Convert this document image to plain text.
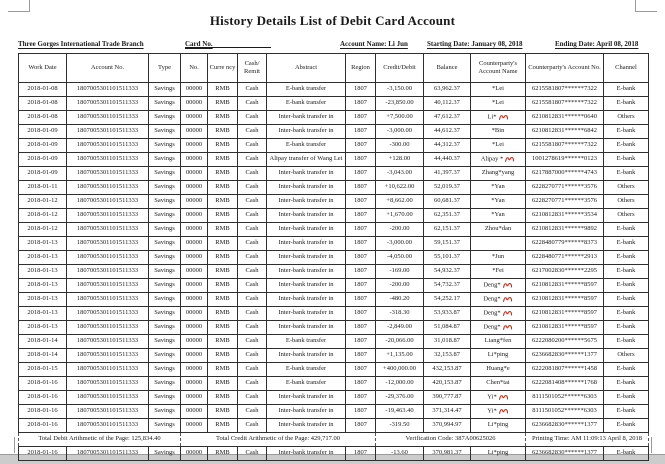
History Details List of Debit Card Account
Three Gorges International Trade Branch	Card No.	Account Name: Li Jun	Starting Date: January 08, 2018	Ending Date: April 08, 2018
Work Date	Account No.	Type	No.	Curre ncy	Cash/ Remit	Abstract	Region	Credit/Debit	Balance	Counterparty's Account Name	Counterparty's Account No.	Channel
2018-01-08	1807005301101511333	Savings	00000	RMB	Cash	E-bank transfer	1807	-3,150.00	63,962.37	*Lei	6215581807******7322	E-bank
2018-01-08	1807005301101511333	Savings	00000	RMB	Cash	E-bank transfer	1807	-23,850.00	40,112.37	*Lei	6215581807******7322	E-bank
2018-01-08	1807005301101511333	Savings	00000	RMB	Cash	Inter-bank transfer in	1807	+7,500.00	47,612.37	Li*	6210812831******0640	Others
2018-01-09	1807005301101511333	Savings	00000	RMB	Cash	Inter-bank transfer in	1807	-3,000.00	44,612.37	*Bin	6210812831******6842	E-bank
2018-01-09	1807005301101511333	Savings	00000	RMB	Cash	E-bank transfer	1807	-300.00	44,312.37	*Lei	6215581807******7322	E-bank
2018-01-09	1807005301101511333	Savings	00000	RMB	Cash	Alipay transfer of Wang Lei	1807	+128.00	44,440.37	Alipay *	1001278619******0123	E-bank
2018-01-09	1807005301101511333	Savings	00000	RMB	Cash	Inter-bank transfer in	1807	-3,043.00	41,397.37	Zhang*yang	6217887000******4743	E-bank
2018-01-11	1807005301101511333	Savings	00000	RMB	Cash	Inter-bank transfer in	1807	+10,622.00	52,019.37	*Yan	6228270771******3576	Others
2018-01-12	1807005301101511333	Savings	00000	RMB	Cash	Inter-bank transfer in	1807	+8,662.00	60,681.37	*Yan	6228270771******3576	Others
2018-01-12	1807005301101511333	Savings	00000	RMB	Cash	Inter-bank transfer in	1807	+1,670.00	62,351.37	*Yan	6210812831******3534	Others
2018-01-12	1807005301101511333	Savings	00000	RMB	Cash	Inter-bank transfer in	1807	-200.00	62,151.37	Zhou*dan	6210812831******9892	E-bank
2018-01-13	1807005301101511333	Savings	00000	RMB	Cash	Inter-bank transfer in	1807	-3,000.00	59,151.37		6228480779******8373	E-bank
2018-01-13	1807005301101511333	Savings	00000	RMB	Cash	Inter-bank transfer in	1807	-4,050.00	55,101.37	*Jun	6228480771******2913	E-bank
2018-01-13	1807005301101511333	Savings	00000	RMB	Cash	Inter-bank transfer in	1807	-169.00	54,932.37	*Fei	6217002830******2295	E-bank
2018-01-13	1807005301101511333	Savings	00000	RMB	Cash	Inter-bank transfer in	1807	-200.00	54,732.37	Deng*	6210812831******8597	E-bank
2018-01-13	1807005301101511333	Savings	00000	RMB	Cash	Inter-bank transfer in	1807	-480.20	54,252.17	Deng*	6210812831******8597	E-bank
2018-01-13	1807005301101511333	Savings	00000	RMB	Cash	Inter-bank transfer in	1807	-318.30	53,933.87	Deng*	6210812831******8597	E-bank
2018-01-13	1807005301101511333	Savings	00000	RMB	Cash	Inter-bank transfer in	1807	-2,849.00	51,084.87	Deng*	6210812831******8597	E-bank
2018-01-14	1807005301101511333	Savings	00000	RMB	Cash	E-bank transfer	1807	-20,066.00	31,018.87	Liang*fen	6222080200******5675	E-bank
2018-01-14	1807005301101511333	Savings	00000	RMB	Cash	Inter-bank transfer in	1807	+1,135.00	32,153.87	Li*ping	6236682830******1377	Others
2018-01-15	1807005301101511333	Savings	00000	RMB	Cash	E-bank transfer	1807	+400,000.00	432,153.87	Huang*e	6222081807******1458	E-bank
2018-01-16	1807005301101511333	Savings	00000	RMB	Cash	E-bank transfer	1807	-12,000.00	420,153.87	Chen*tai	6222081408******1768	E-bank
2018-01-16	1807005301101511333	Savings	00000	RMB	Cash	Inter-bank transfer in	1807	-29,376.00	390,777.87	Yi*	8111501052******6303	E-bank
2018-01-16	1807005301101511333	Savings	00000	RMB	Cash	Inter-bank transfer in	1807	-19,463.40	371,314.47	Yi*	8111501052******6303	E-bank
2018-01-16	1807005301101511333	Savings	00000	RMB	Cash	Inter-bank transfer in	1807	-319.50	370,994.97	Li*ping	6236682830******1377	E-bank
Total Debit Arithmetic of the Page: 125,834.40			Total Credit Arithmetic of the Page: 429,717.00					Verification Code: 387A00625026			Printing Time: AM 11:09:13 April 8, 2018	
2018-01-16	1807005301101511333	Savings	00000	RMB	Cash	Inter-bank transfer in	1807	-13.60	370,981.37	Li*ping	6236682830******1377	E-bank
